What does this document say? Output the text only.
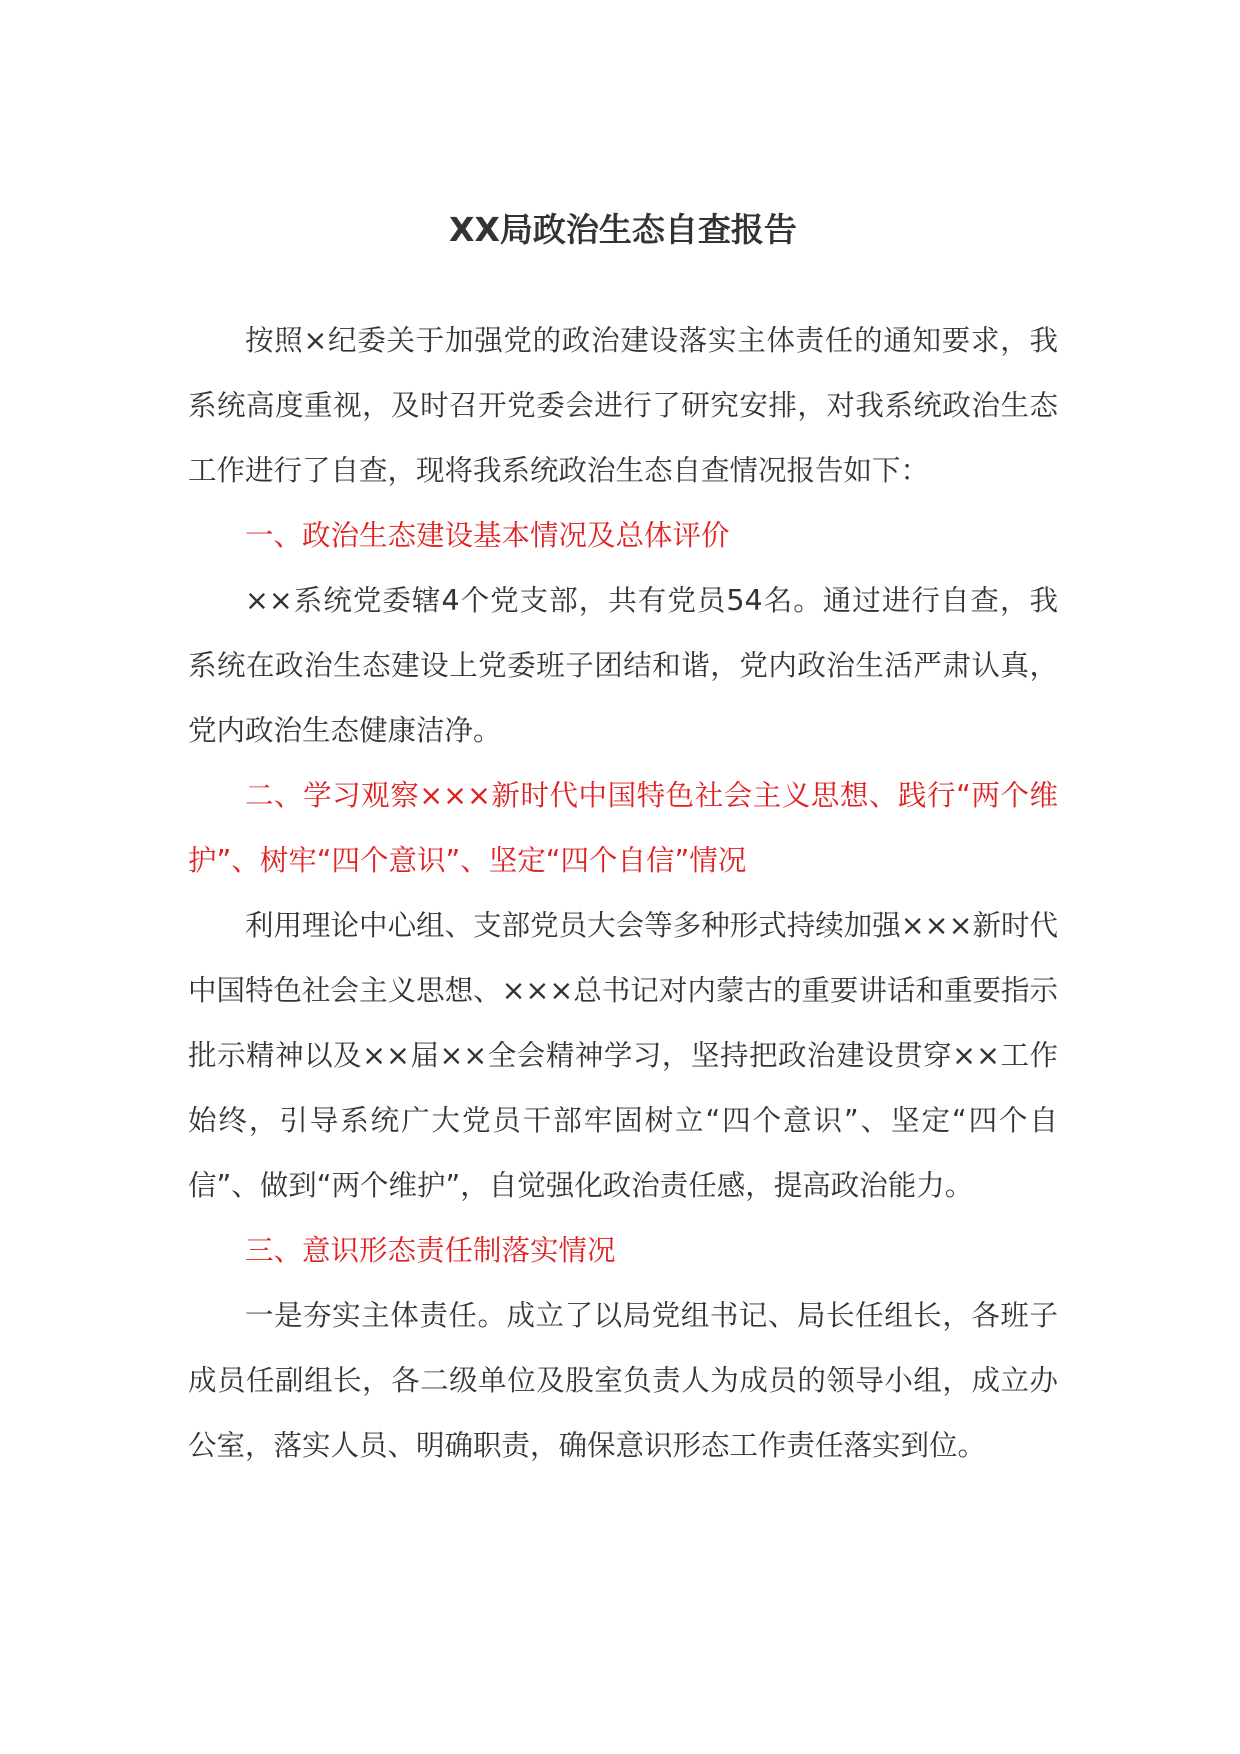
XX局政治生态自查报告

按照×纪委关于加强党的政治建设落实主体责任的通知要求，我系统高度重视，及时召开党委会进行了研究安排，对我系统政治生态工作进行了自查，现将我系统政治生态自查情况报告如下：

一、政治生态建设基本情况及总体评价

××系统党委辖4个党支部，共有党员54名。通过进行自查，我系统在政治生态建设上党委班子团结和谐，党内政治生活严肃认真，党内政治生态健康洁净。

二、学习观察×××新时代中国特色社会主义思想、践行“两个维护”、树牢“四个意识”、坚定“四个自信”情况

利用理论中心组、支部党员大会等多种形式持续加强×××新时代中国特色社会主义思想、×××总书记对内蒙古的重要讲话和重要指示批示精神以及××届××全会精神学习，坚持把政治建设贯穿××工作始终，引导系统广大党员干部牢固树立“四个意识”、坚定“四个自信”、做到“两个维护”，自觉强化政治责任感，提高政治能力。

三、意识形态责任制落实情况

一是夯实主体责任。成立了以局党组书记、局长任组长，各班子成员任副组长，各二级单位及股室负责人为成员的领导小组，成立办公室，落实人员、明确职责，确保意识形态工作责任落实到位。
